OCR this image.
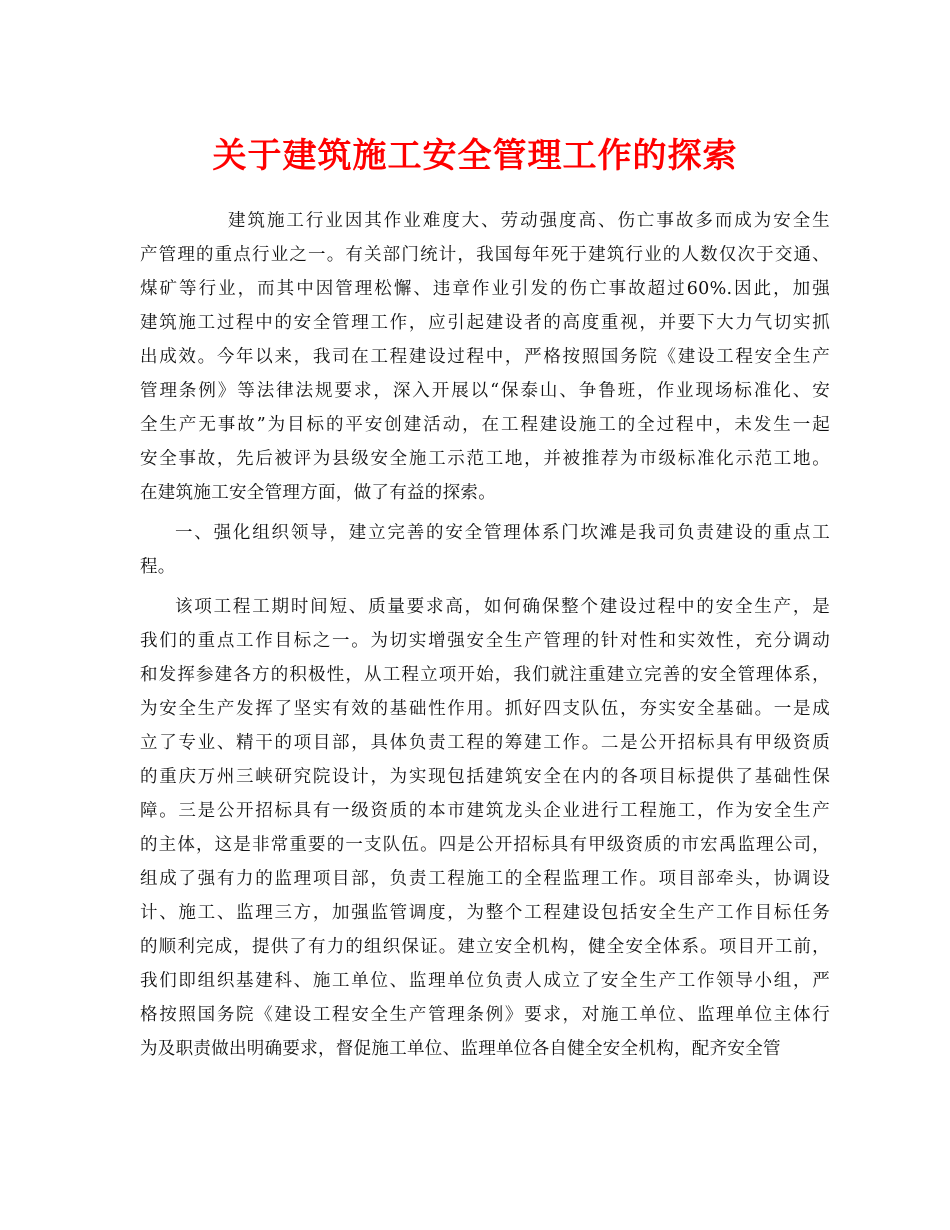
关于建筑施工安全管理工作的探索
建筑施工行业因其作业难度大、劳动强度高、伤亡事故多而成为安全生
产管理的重点行业之一。有关部门统计，我国每年死于建筑行业的人数仅次于交通、
煤矿等行业，而其中因管理松懈、违章作业引发的伤亡事故超过60%.因此，加强
建筑施工过程中的安全管理工作，应引起建设者的高度重视，并要下大力气切实抓
出成效。今年以来，我司在工程建设过程中，严格按照国务院《建设工程安全生产
管理条例》等法律法规要求，深入开展以“保泰山、争鲁班，作业现场标准化、安
全生产无事故”为目标的平安创建活动，在工程建设施工的全过程中，未发生一起
安全事故，先后被评为县级安全施工示范工地，并被推荐为市级标准化示范工地。
在建筑施工安全管理方面，做了有益的探索。
一、强化组织领导，建立完善的安全管理体系门坎滩是我司负责建设的重点工
程。
该项工程工期时间短、质量要求高，如何确保整个建设过程中的安全生产，是
我们的重点工作目标之一。为切实增强安全生产管理的针对性和实效性，充分调动
和发挥参建各方的积极性，从工程立项开始，我们就注重建立完善的安全管理体系，
为安全生产发挥了坚实有效的基础性作用。抓好四支队伍，夯实安全基础。一是成
立了专业、精干的项目部，具体负责工程的筹建工作。二是公开招标具有甲级资质
的重庆万州三峡研究院设计，为实现包括建筑安全在内的各项目标提供了基础性保
障。三是公开招标具有一级资质的本市建筑龙头企业进行工程施工，作为安全生产
的主体，这是非常重要的一支队伍。四是公开招标具有甲级资质的市宏禹监理公司，
组成了强有力的监理项目部，负责工程施工的全程监理工作。项目部牵头，协调设
计、施工、监理三方，加强监管调度，为整个工程建设包括安全生产工作目标任务
的顺利完成，提供了有力的组织保证。建立安全机构，健全安全体系。项目开工前，
我们即组织基建科、施工单位、监理单位负责人成立了安全生产工作领导小组，严
格按照国务院《建设工程安全生产管理条例》要求，对施工单位、监理单位主体行
为及职责做出明确要求，督促施工单位、监理单位各自健全安全机构，配齐安全管
